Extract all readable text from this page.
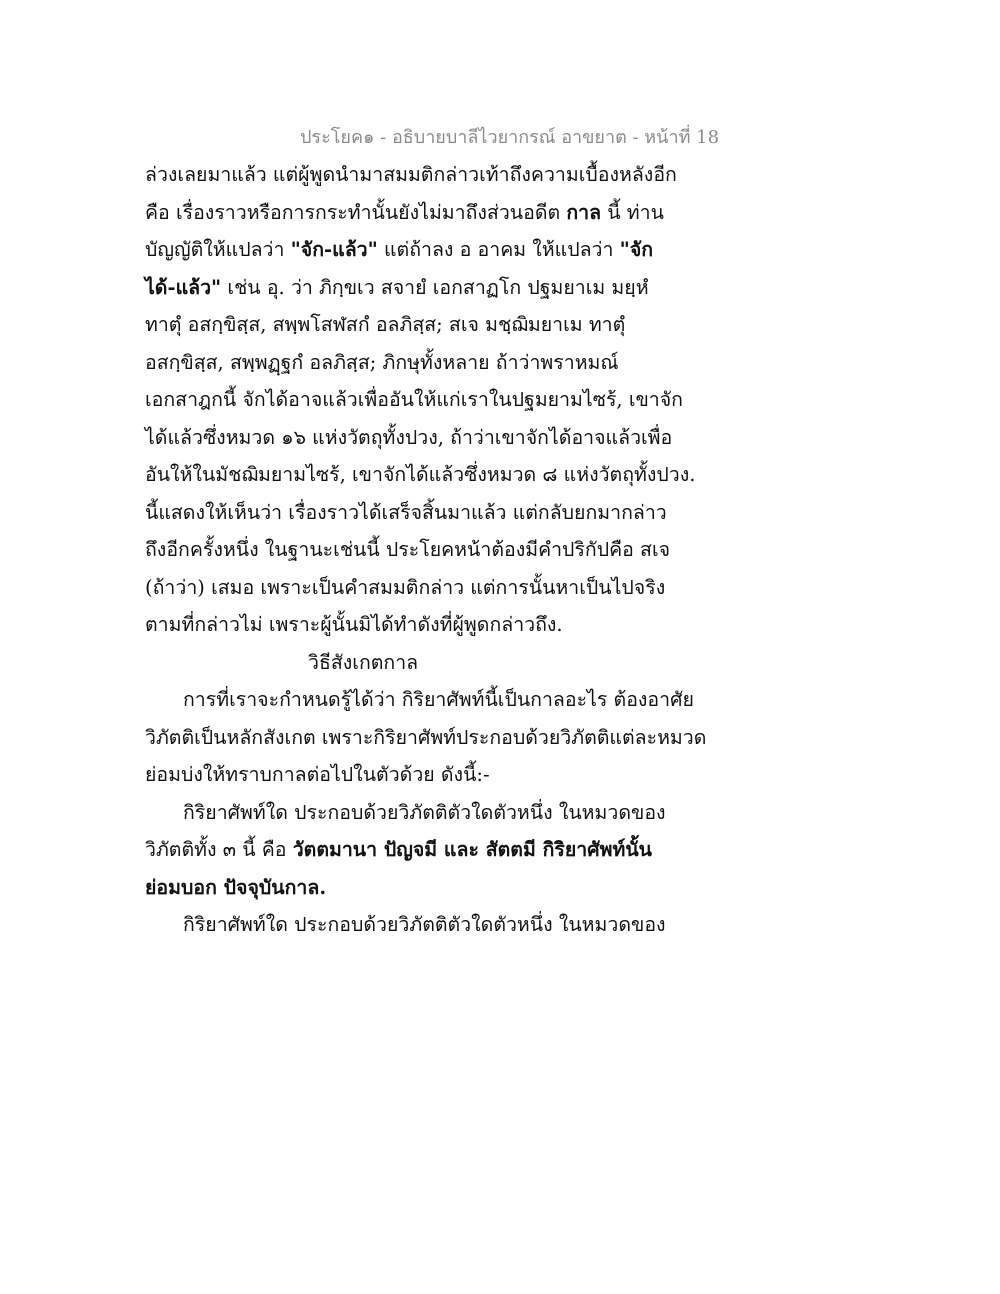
ประโยค๑ - อธิบายบาลีไวยากรณ์ อาขยาต - หน้าที่ 18
ล่วงเลยมาแล้ว แต่ผู้พูดนำมาสมมติกล่าวเท้าถึงความเบื้องหลังอีก
คือ เรื่องราวหรือการกระทำนั้นยังไม่มาถึงส่วนอดีต กาล นี้ ท่าน
บัญญัติให้แปลว่า "จัก-แล้ว" แต่ถ้าลง อ อาคม ให้แปลว่า "จัก
ได้-แล้ว" เช่น อุ. ว่า ภิกฺขเว สจายํ เอกสาฏโก ปฐมยาเม มยฺหํ
ทาตุํ อสกฺขิสฺส, สพฺพโสฬสกํ อลภิสฺส; สเจ มชฺฌิมยาเม ทาตุํ
อสกฺขิสฺส, สพฺพฏฺฐกํ อลภิสฺส; ภิกษุทั้งหลาย ถ้าว่าพราหมณ์
เอกสาฎกนี้ จักได้อาจแล้วเพื่ออันให้แก่เราในปฐมยามไซร้, เขาจัก
ได้แล้วซึ่งหมวด ๑๖ แห่งวัตถุทั้งปวง, ถ้าว่าเขาจักได้อาจแล้วเพื่อ
อันให้ในมัชฌิมยามไซร้, เขาจักได้แล้วซึ่งหมวด ๘ แห่งวัตถุทั้งปวง.
นี้แสดงให้เห็นว่า เรื่องราวได้เสร็จสิ้นมาแล้ว แต่กลับยกมากล่าว
ถึงอีกครั้งหนึ่ง ในฐานะเช่นนี้ ประโยคหน้าต้องมีคำปริกัปคือ สเจ
(ถ้าว่า) เสมอ เพราะเป็นคำสมมติกล่าว แต่การนั้นหาเป็นไปจริง
ตามที่กล่าวไม่ เพราะผู้นั้นมิได้ทำดังที่ผู้พูดกล่าวถึง.
วิธีสังเกตกาล
การที่เราจะกำหนดรู้ได้ว่า กิริยาศัพท์นี้เป็นกาลอะไร ต้องอาศัย
วิภัตติเป็นหลักสังเกต เพราะกิริยาศัพท์ประกอบด้วยวิภัตติแต่ละหมวด
ย่อมบ่งให้ทราบกาลต่อไปในตัวด้วย ดังนี้:-
กิริยาศัพท์ใด ประกอบด้วยวิภัตติตัวใดตัวหนึ่ง ในหมวดของ
วิภัตติทั้ง ๓ นี้ คือ วัตตมานา ปัญจมี และ สัตตมี กิริยาศัพท์นั้น
ย่อมบอก ปัจจุบันกาล.
กิริยาศัพท์ใด ประกอบด้วยวิภัตติตัวใดตัวหนึ่ง ในหมวดของ
